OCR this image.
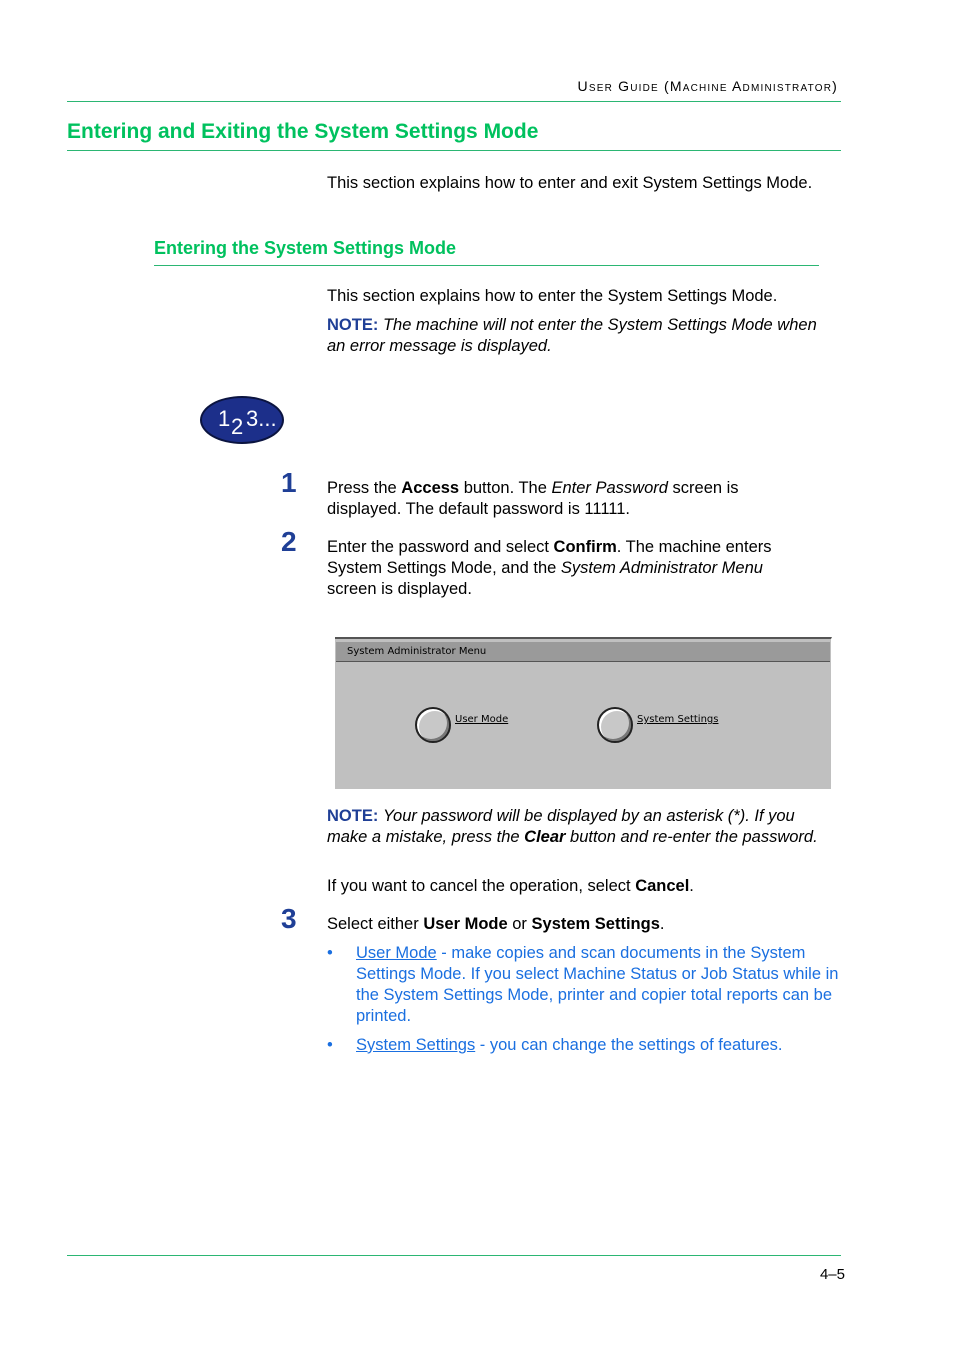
User Guide (Machine Administrator)
Entering and Exiting the System Settings Mode
This section explains how to enter and exit System Settings Mode.
Entering the System Settings Mode
This section explains how to enter the System Settings Mode.
NOTE: The machine will not enter the System Settings Mode when an error message is displayed.
1 2 3...
1 Press the Access button. The Enter Password screen is displayed. The default password is 11111.
2 Enter the password and select Confirm. The machine enters System Settings Mode, and the System Administrator Menu screen is displayed.
System Administrator Menu
User Mode	System Settings
NOTE: Your password will be displayed by an asterisk (*). If you make a mistake, press the Clear button and re-enter the password.
If you want to cancel the operation, select Cancel.
3 Select either User Mode or System Settings.
• User Mode - make copies and scan documents in the System Settings Mode. If you select Machine Status or Job Status while in the System Settings Mode, printer and copier total reports can be printed.
• System Settings - you can change the settings of features.
4–5
